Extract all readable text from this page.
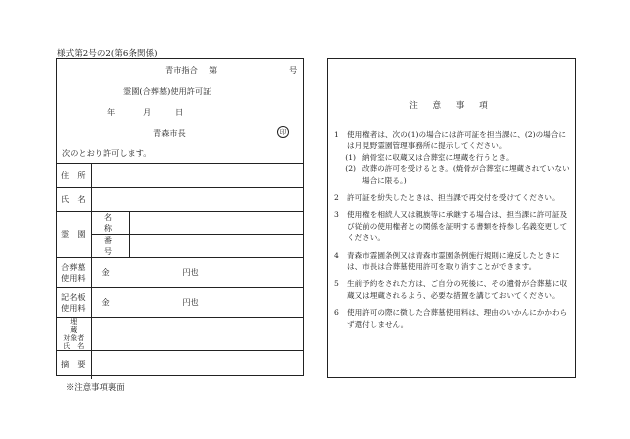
様式第2号の2(第6条関係)
青市指合 第	号
霊園(合葬墓)使用許可証
年	月	日
青森市長	印
次のとおり許可します。
住　所		
氏　名		
霊　園	名　称	
	番　号	

合葬墓
使用料	金 円也	

記名板
使用料	金 円也	

埋
蔵
対象者
氏　 名		

摘　要		
※注意事項裏面
注 意 事 項
1	使用権者は、次の(1)の場合には許可証を担当課に、(2)の場合には月見野霊園管理事務所に提示してください。
(1) 納骨室に収蔵又は合葬室に埋蔵を行うとき。
(2) 改葬の許可を受けるとき。(焼骨が合葬室に埋蔵されていない場合に限る。)
2	許可証を紛失したときは、担当課で再交付を受けてください。
3	使用権を相続人又は親族等に承継する場合は、担当課に許可証及び従前の使用権者との関係を証明する書類を持参し名義変更してください。
4	青森市霊園条例又は青森市霊園条例施行規則に違反したときには、市長は合葬墓使用許可を取り消すことができます。
5	生前予約をされた方は、ご自分の死後に、その遺骨が合葬墓に収蔵又は埋蔵されるよう、必要な措置を講じておいてください。
6	使用許可の際に徴した合葬墓使用料は、理由のいかんにかかわらず還付しません。
